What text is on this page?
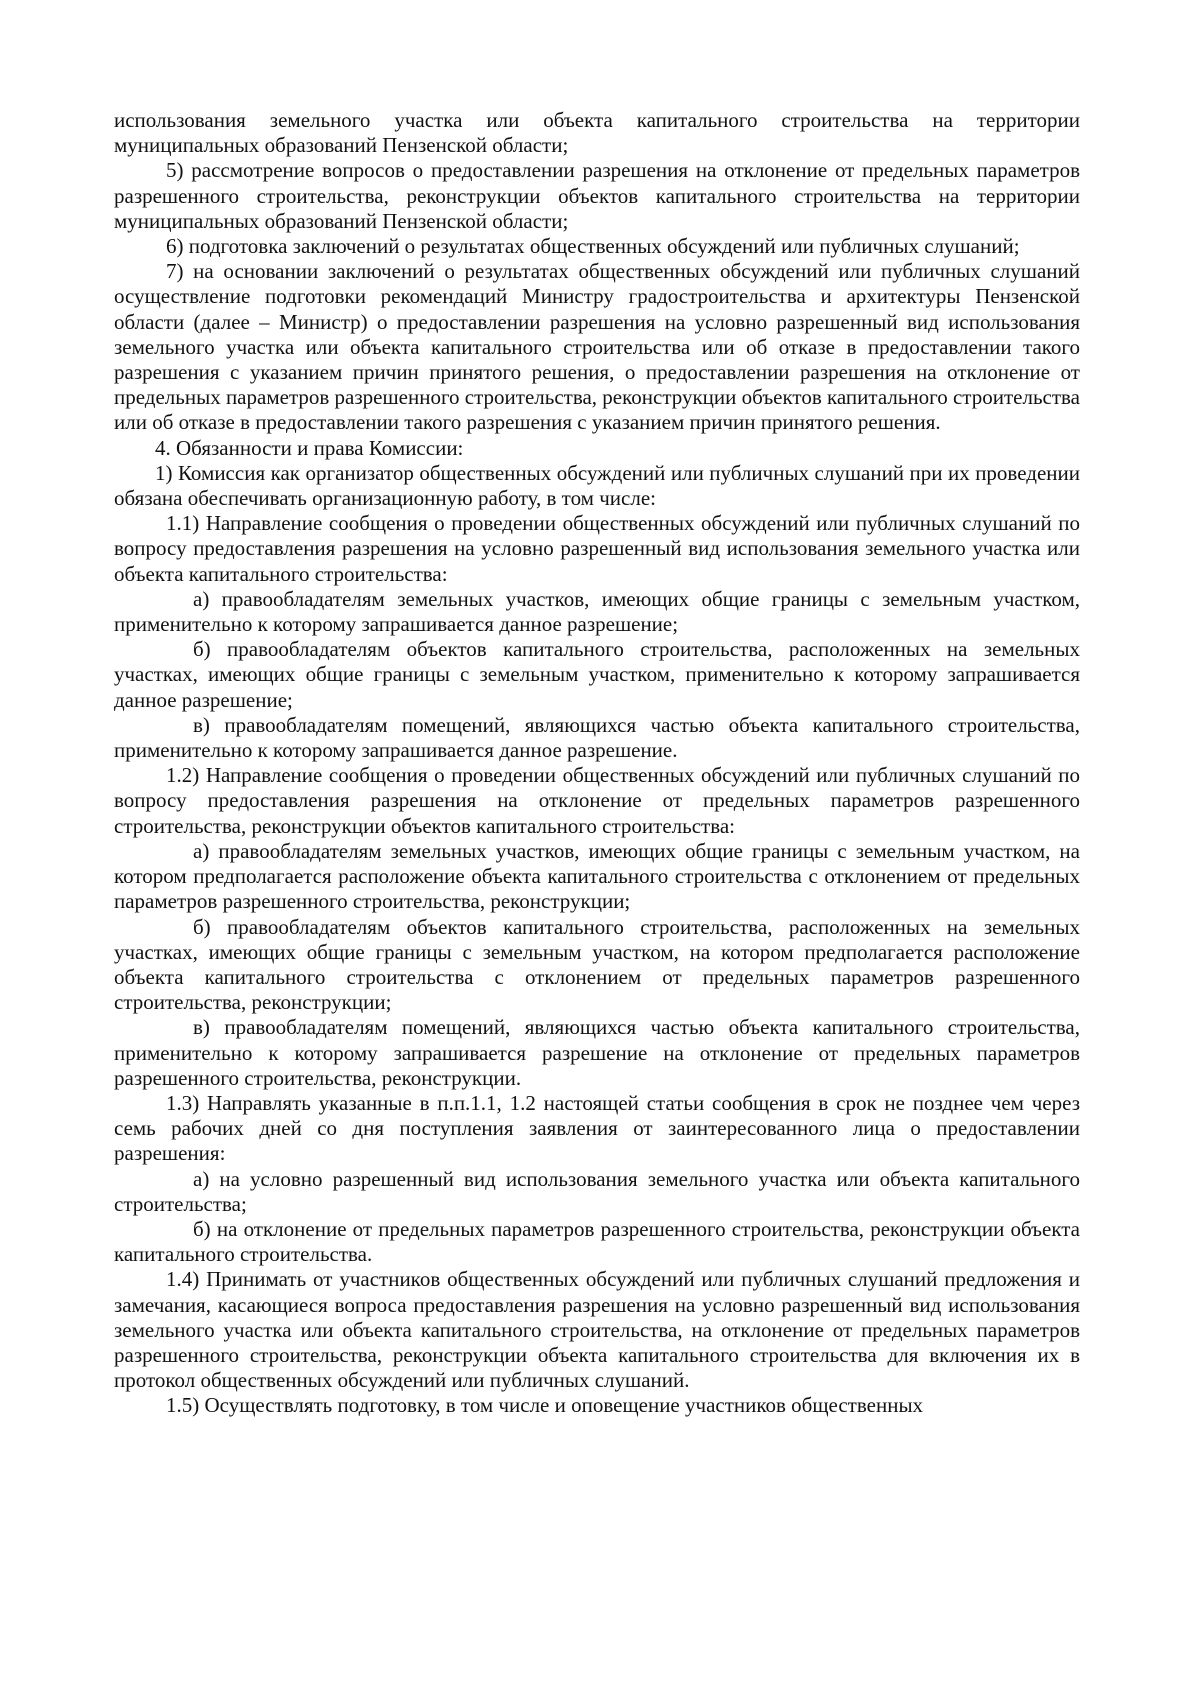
использования земельного участка или объекта капитального строительства на территории муниципальных образований Пензенской области;

5) рассмотрение вопросов о предоставлении разрешения на отклонение от предельных параметров разрешенного строительства, реконструкции объектов капитального строительства на территории муниципальных образований Пензенской области;

6) подготовка заключений о результатах общественных обсуждений или публичных слушаний;

7) на основании заключений о результатах общественных обсуждений или публичных слушаний осуществление подготовки рекомендаций Министру градостроительства и архитектуры Пензенской области (далее – Министр) о предоставлении разрешения на условно разрешенный вид использования земельного участка или объекта капитального строительства или об отказе в предоставлении такого разрешения с указанием причин принятого решения, о предоставлении разрешения на отклонение от предельных параметров разрешенного строительства, реконструкции объектов капитального строительства или об отказе в предоставлении такого разрешения с указанием причин принятого решения.

4. Обязанности и права Комиссии:

1) Комиссия как организатор общественных обсуждений или публичных слушаний при их проведении обязана обеспечивать организационную работу, в том числе:

1.1) Направление сообщения о проведении общественных обсуждений или публичных слушаний по вопросу предоставления разрешения на условно разрешенный вид использования земельного участка или объекта капитального строительства:

а) правообладателям земельных участков, имеющих общие границы с земельным участком, применительно к которому запрашивается данное разрешение;

б) правообладателям объектов капитального строительства, расположенных на земельных участках, имеющих общие границы с земельным участком, применительно к которому запрашивается данное разрешение;

в) правообладателям помещений, являющихся частью объекта капитального строительства, применительно к которому запрашивается данное разрешение.

1.2) Направление сообщения о проведении общественных обсуждений или публичных слушаний по вопросу предоставления разрешения на отклонение от предельных параметров разрешенного строительства, реконструкции объектов капитального строительства:

а) правообладателям земельных участков, имеющих общие границы с земельным участком, на котором предполагается расположение объекта капитального строительства с отклонением от предельных параметров разрешенного строительства, реконструкции;

б) правообладателям объектов капитального строительства, расположенных на земельных участках, имеющих общие границы с земельным участком, на котором предполагается расположение объекта капитального строительства с отклонением от предельных параметров разрешенного строительства, реконструкции;

в) правообладателям помещений, являющихся частью объекта капитального строительства, применительно к которому запрашивается разрешение на отклонение от предельных параметров разрешенного строительства, реконструкции.

1.3) Направлять указанные в п.п.1.1, 1.2 настоящей статьи сообщения в срок не позднее чем через семь рабочих дней со дня поступления заявления от заинтересованного лица о предоставлении разрешения:

а) на условно разрешенный вид использования земельного участка или объекта капитального строительства;

б) на отклонение от предельных параметров разрешенного строительства, реконструкции объекта капитального строительства.

1.4) Принимать от участников общественных обсуждений или публичных слушаний предложения и замечания, касающиеся вопроса предоставления разрешения на условно разрешенный вид использования земельного участка или объекта капитального строительства, на отклонение от предельных параметров разрешенного строительства, реконструкции объекта капитального строительства для включения их в протокол общественных обсуждений или публичных слушаний.

1.5) Осуществлять подготовку, в том числе и оповещение участников общественных
